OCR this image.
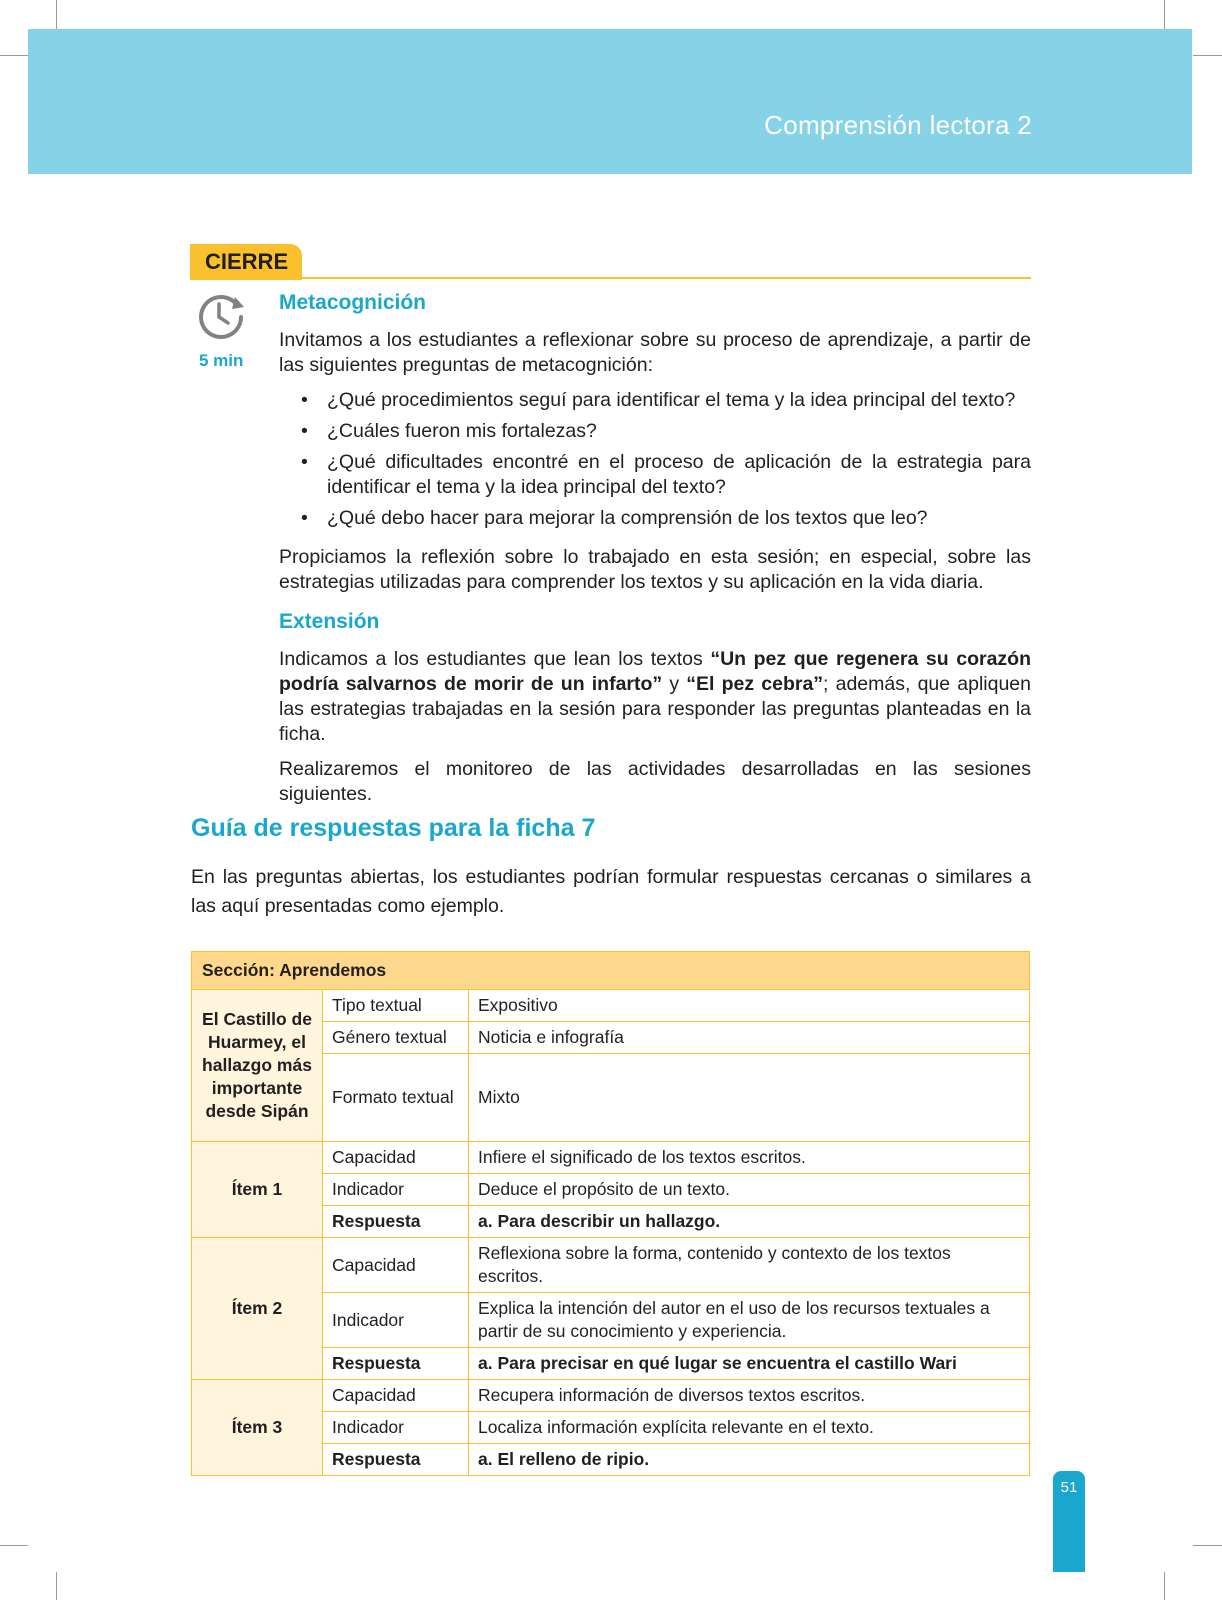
Comprensión lectora 2
CIERRE
5 min
Metacognición

Invitamos a los estudiantes a reflexionar sobre su proceso de aprendizaje, a partir de las siguientes preguntas de metacognición:

• ¿Qué procedimientos seguí para identificar el tema y la idea principal del texto?
• ¿Cuáles fueron mis fortalezas?
• ¿Qué dificultades encontré en el proceso de aplicación de la estrategia para identificar el tema y la idea principal del texto?
• ¿Qué debo hacer para mejorar la comprensión de los textos que leo?

Propiciamos la reflexión sobre lo trabajado en esta sesión; en especial, sobre las estrategias utilizadas para comprender los textos y su aplicación en la vida diaria.

Extensión

Indicamos a los estudiantes que lean los textos “Un pez que regenera su corazón podría salvarnos de morir de un infarto” y “El pez cebra”; además, que apliquen las estrategias trabajadas en la sesión para responder las preguntas planteadas en la ficha.

Realizaremos el monitoreo de las actividades desarrolladas en las sesiones siguientes.

Guía de respuestas para la ficha 7
En las preguntas abiertas, los estudiantes podrían formular respuestas cercanas o similares a las aquí presentadas como ejemplo.
Sección: Aprendemos		
El Castillo de Huarmey, el hallazgo más importante desde Sipán	Tipo textual	Expositivo
	Género textual	Noticia e infografía
	Formato textual	Mixto
Ítem 1	Capacidad	Infiere el significado de los textos escritos.
	Indicador	Deduce el propósito de un texto.
	Respuesta	a. Para describir un hallazgo.
Ítem 2	Capacidad	Reflexiona sobre la forma, contenido y contexto de los textos escritos.
	Indicador	Explica la intención del autor en el uso de los recursos textuales a partir de su conocimiento y experiencia.
	Respuesta	a. Para precisar en qué lugar se encuentra el castillo Wari
Ítem 3	Capacidad	Recupera información de diversos textos escritos.
	Indicador	Localiza información explícita relevante en el texto.
	Respuesta	a. El relleno de ripio.
51
